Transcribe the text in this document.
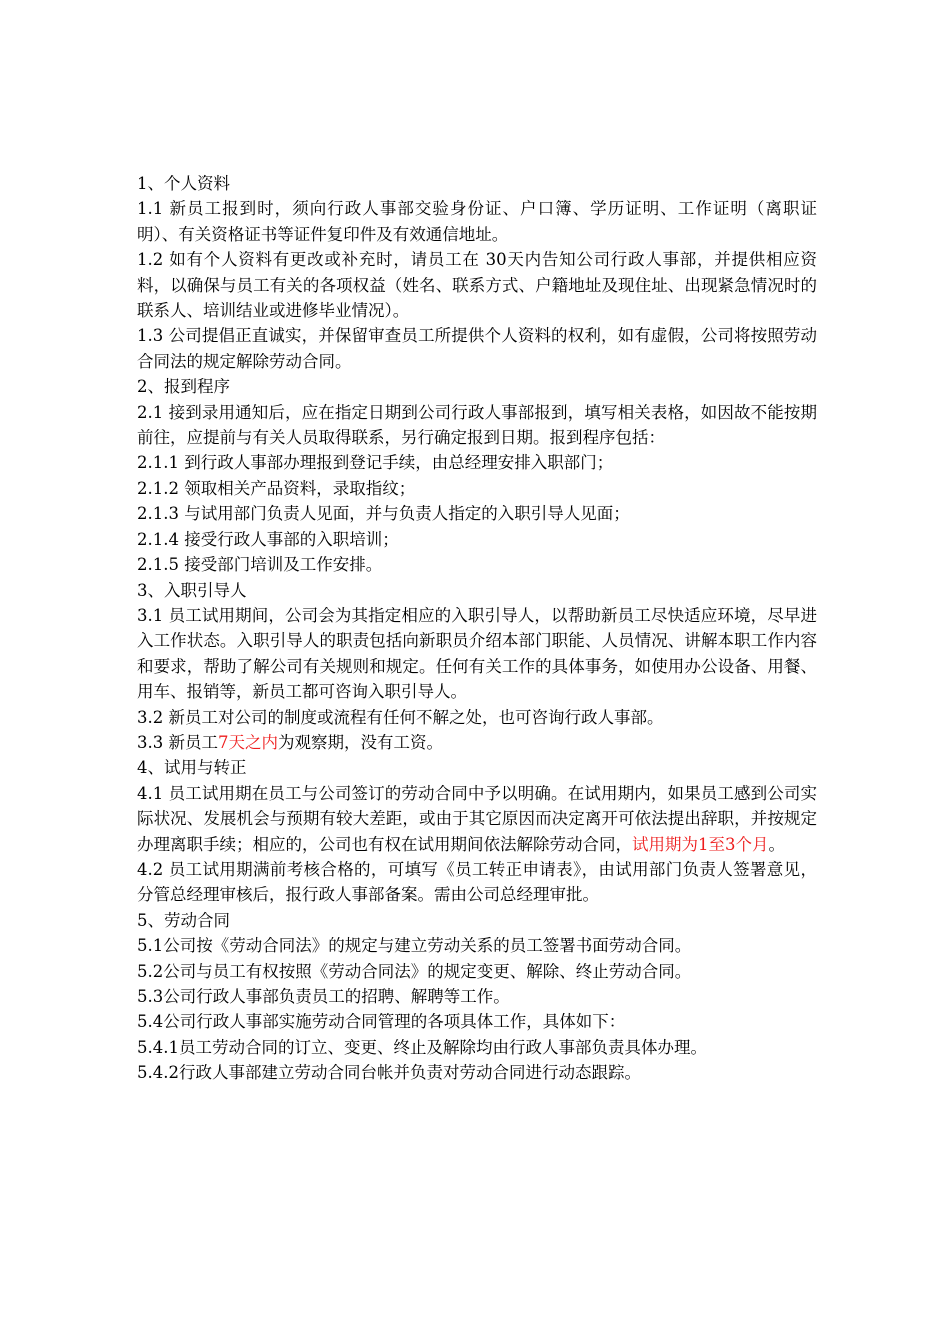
1、个人资料

1.1 新员工报到时，须向行政人事部交验身份证、户口簿、学历证明、工作证明（离职证明）、有关资格证书等证件复印件及有效通信地址。

1.2 如有个人资料有更改或补充时，请员工在 30天内告知公司行政人事部，并提供相应资料，以确保与员工有关的各项权益（姓名、联系方式、户籍地址及现住址、出现紧急情况时的联系人、培训结业或进修毕业情况）。

1.3 公司提倡正直诚实，并保留审查员工所提供个人资料的权利，如有虚假，公司将按照劳动合同法的规定解除劳动合同。

2、报到程序

2.1 接到录用通知后，应在指定日期到公司行政人事部报到，填写相关表格，如因故不能按期前往，应提前与有关人员取得联系，另行确定报到日期。报到程序包括：

2.1.1 到行政人事部办理报到登记手续，由总经理安排入职部门；

2.1.2 领取相关产品资料，录取指纹；

2.1.3 与试用部门负责人见面，并与负责人指定的入职引导人见面；

2.1.4 接受行政人事部的入职培训；

2.1.5 接受部门培训及工作安排。

3、入职引导人

3.1 员工试用期间，公司会为其指定相应的入职引导人，以帮助新员工尽快适应环境，尽早进入工作状态。入职引导人的职责包括向新职员介绍本部门职能、人员情况、讲解本职工作内容和要求，帮助了解公司有关规则和规定。任何有关工作的具体事务，如使用办公设备、用餐、用车、报销等，新员工都可咨询入职引导人。

3.2 新员工对公司的制度或流程有任何不解之处，也可咨询行政人事部。

3.3 新员工7天之内为观察期，没有工资。

4、试用与转正

4.1 员工试用期在员工与公司签订的劳动合同中予以明确。在试用期内，如果员工感到公司实际状况、发展机会与预期有较大差距，或由于其它原因而决定离开可依法提出辞职，并按规定办理离职手续；相应的，公司也有权在试用期间依法解除劳动合同，试用期为1至3个月。

4.2 员工试用期满前考核合格的，可填写《员工转正申请表》，由试用部门负责人签署意见，分管总经理审核后，报行政人事部备案。需由公司总经理审批。

5、劳动合同

5.1公司按《劳动合同法》的规定与建立劳动关系的员工签署书面劳动合同。

5.2公司与员工有权按照《劳动合同法》的规定变更、解除、终止劳动合同。

5.3公司行政人事部负责员工的招聘、解聘等工作。

5.4公司行政人事部实施劳动合同管理的各项具体工作，具体如下：

5.4.1员工劳动合同的订立、变更、终止及解除均由行政人事部负责具体办理。

5.4.2行政人事部建立劳动合同台帐并负责对劳动合同进行动态跟踪。
